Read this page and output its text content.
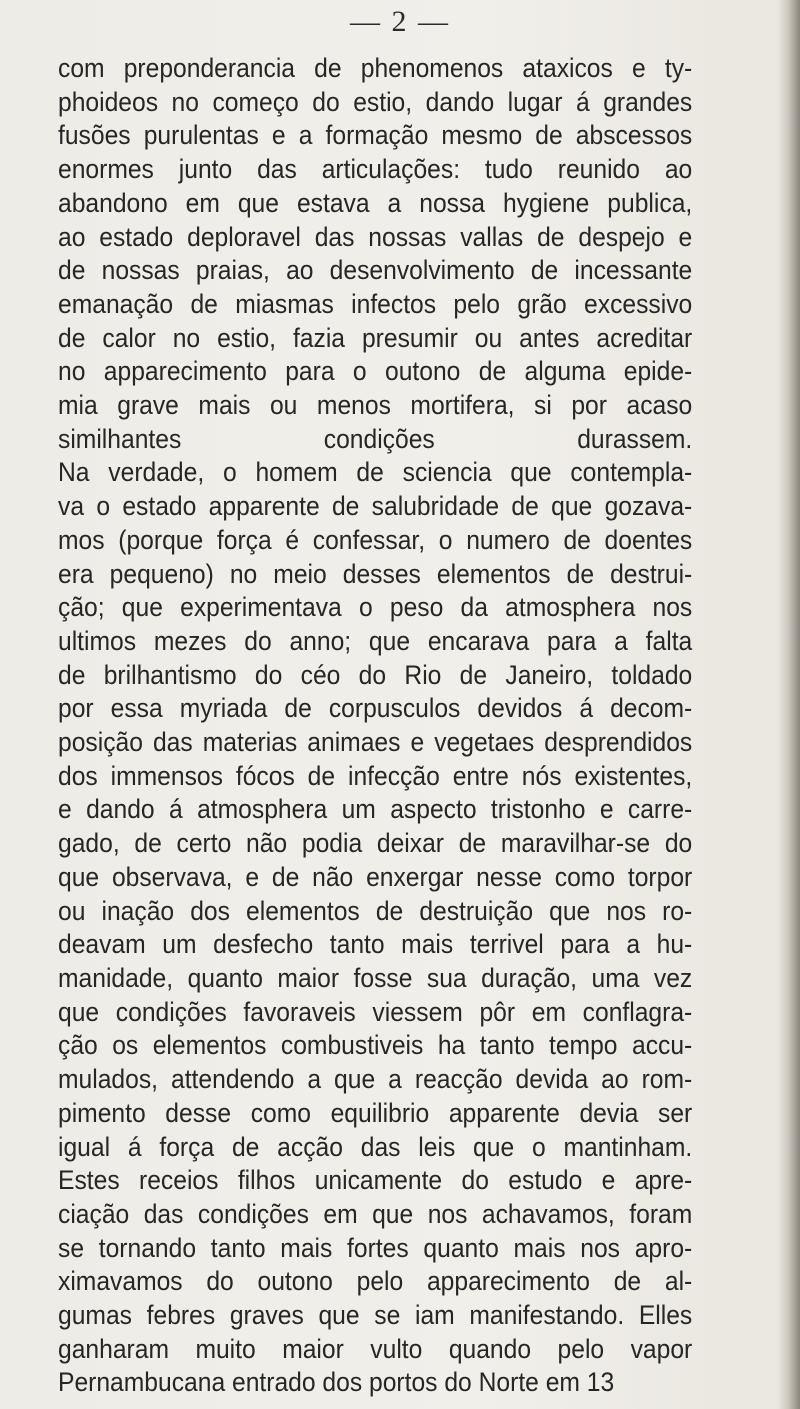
— 2 —

com preponderancia de phenomenos ataxicos e ty-
phoideos no começo do estio, dando lugar á grandes
fusões purulentas e a formação mesmo de abscessos
enormes junto das articulações: tudo reunido ao
abandono em que estava a nossa hygiene publica,
ao estado deploravel das nossas vallas de despejo e
de nossas praias, ao desenvolvimento de incessante
emanação de miasmas infectos pelo grão excessivo
de calor no estio, fazia presumir ou antes acreditar
no apparecimento para o outono de alguma epide-
mia grave mais ou menos mortifera, si por acaso
similhantes condições durassem.

Na verdade, o homem de sciencia que contempla-
va o estado apparente de salubridade de que gozava-
mos (porque força é confessar, o numero de doentes
era pequeno) no meio desses elementos de destrui-
ção; que experimentava o peso da atmosphera nos
ultimos mezes do anno; que encarava para a falta
de brilhantismo do céo do Rio de Janeiro, toldado
por essa myriada de corpusculos devidos á decom-
posição das materias animaes e vegetaes desprendidos
dos immensos fócos de infecção entre nós existentes,
e dando á atmosphera um aspecto tristonho e carre-
gado, de certo não podia deixar de maravilhar-se do
que observava, e de não enxergar nesse como torpor
ou inação dos elementos de destruição que nos ro-
deavam um desfecho tanto mais terrivel para a hu-
manidade, quanto maior fosse sua duração, uma vez
que condições favoraveis viessem pôr em conflagra-
ção os elementos combustiveis ha tanto tempo accu-
mulados, attendendo a que a reacção devida ao rom-
pimento desse como equilibrio apparente devia ser
igual á força de acção das leis que o mantinham.

Estes receios filhos unicamente do estudo e apre-
ciação das condições em que nos achavamos, foram
se tornando tanto mais fortes quanto mais nos apro-
ximavamos do outono pelo apparecimento de al-
gumas febres graves que se iam manifestando. Elles
ganharam muito maior vulto quando pelo vapor
Pernambucana entrado dos portos do Norte em 13
